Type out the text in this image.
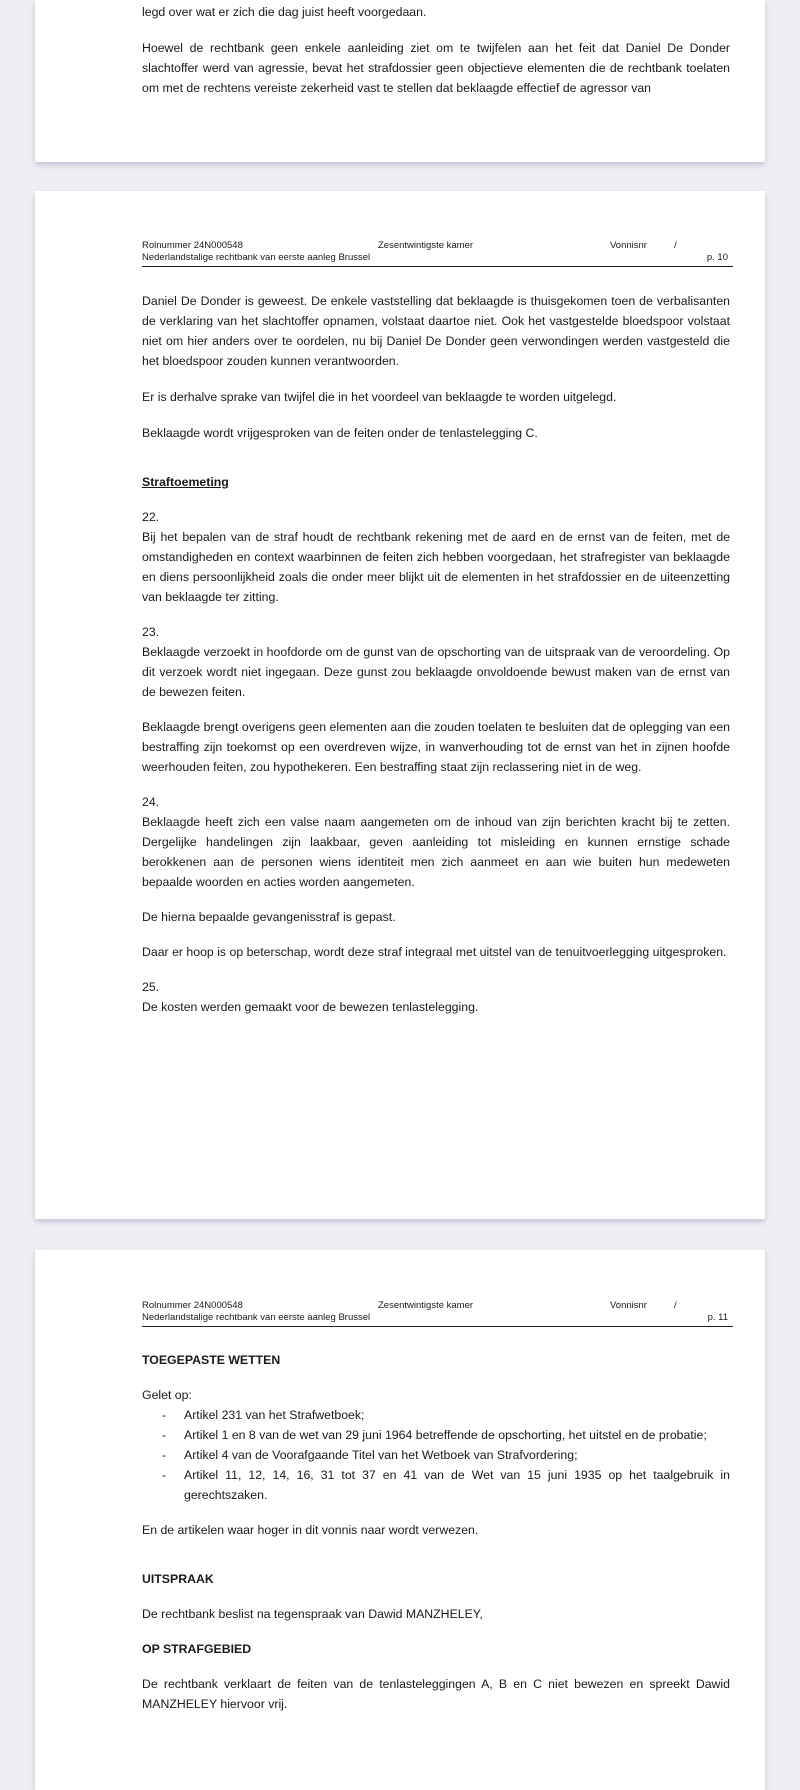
legd over wat er zich die dag juist heeft voorgedaan.

Hoewel de rechtbank geen enkele aanleiding ziet om te twijfelen aan het feit dat Daniel De Donder slachtoffer werd van agressie, bevat het strafdossier geen objectieve elementen die de rechtbank toelaten om met de rechtens vereiste zekerheid vast te stellen dat beklaagde effectief de agressor van

Rolnummer 24N000548
Nederlandstalige rechtbank van eerste aanleg Brussel
Zesentwintigste kamer	Vonnisnr	/
p. 10

Daniel De Donder is geweest. De enkele vaststelling dat beklaagde is thuisgekomen toen de verbalisanten de verklaring van het slachtoffer opnamen, volstaat daartoe niet. Ook het vastgestelde bloedspoor volstaat niet om hier anders over te oordelen, nu bij Daniel De Donder geen verwondingen werden vastgesteld die het bloedspoor zouden kunnen verantwoorden.

Er is derhalve sprake van twijfel die in het voordeel van beklaagde te worden uitgelegd.

Beklaagde wordt vrijgesproken van de feiten onder de tenlastelegging C.

Straftoemeting

22.

Bij het bepalen van de straf houdt de rechtbank rekening met de aard en de ernst van de feiten, met de omstandigheden en context waarbinnen de feiten zich hebben voorgedaan, het strafregister van beklaagde en diens persoonlijkheid zoals die onder meer blijkt uit de elementen in het strafdossier en de uiteenzetting van beklaagde ter zitting.

23.

Beklaagde verzoekt in hoofdorde om de gunst van de opschorting van de uitspraak van de veroordeling. Op dit verzoek wordt niet ingegaan. Deze gunst zou beklaagde onvoldoende bewust maken van de ernst van de bewezen feiten.

Beklaagde brengt overigens geen elementen aan die zouden toelaten te besluiten dat de oplegging van een bestraffing zijn toekomst op een overdreven wijze, in wanverhouding tot de ernst van het in zijnen hoofde weerhouden feiten, zou hypothekeren. Een bestraffing staat zijn reclassering niet in de weg.

24.

Beklaagde heeft zich een valse naam aangemeten om de inhoud van zijn berichten kracht bij te zetten. Dergelijke handelingen zijn laakbaar, geven aanleiding tot misleiding en kunnen ernstige schade berokkenen aan de personen wiens identiteit men zich aanmeet en aan wie buiten hun medeweten bepaalde woorden en acties worden aangemeten.

De hierna bepaalde gevangenisstraf is gepast.

Daar er hoop is op beterschap, wordt deze straf integraal met uitstel van de tenuitvoerlegging uitgesproken.

25.

De kosten werden gemaakt voor de bewezen tenlastelegging.

Rolnummer 24N000548
Nederlandstalige rechtbank van eerste aanleg Brussel
Zesentwintigste kamer	Vonnisnr	/
p. 11
TOEGEPASTE WETTEN

Gelet op:

- Artikel 231 van het Strafwetboek;
- Artikel 1 en 8 van de wet van 29 juni 1964 betreffende de opschorting, het uitstel en de probatie;
- Artikel 4 van de Voorafgaande Titel van het Wetboek van Strafvordering;
- Artikel 11, 12, 14, 16, 31 tot 37 en 41 van de Wet van 15 juni 1935 op het taalgebruik in gerechtszaken.

En de artikelen waar hoger in dit vonnis naar wordt verwezen.

UITSPRAAK

De rechtbank beslist na tegenspraak van Dawid MANZHELEY,

OP STRAFGEBIED

De rechtbank verklaart de feiten van de tenlasteleggingen A, B en C niet bewezen en spreekt Dawid MANZHELEY hiervoor vrij.
